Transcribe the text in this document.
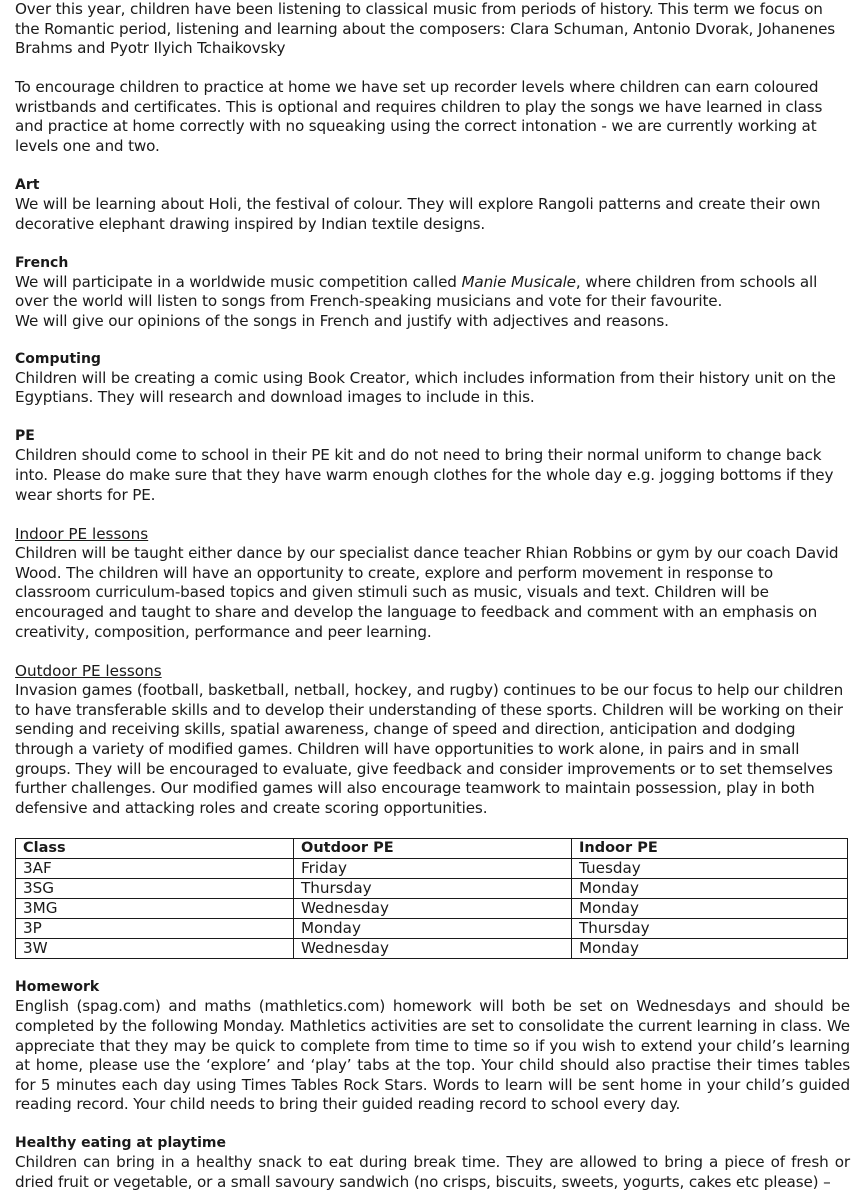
Over this year, children have been listening to classical music from periods of history. This term we focus on the Romantic period, listening and learning about the composers: Clara Schuman, Antonio Dvorak, Johanenes Brahms and Pyotr Ilyich Tchaikovsky

To encourage children to practice at home we have set up recorder levels where children can earn coloured wristbands and certificates. This is optional and requires children to play the songs we have learned in class and practice at home correctly with no squeaking using the correct intonation - we are currently working at levels one and two.

Art

We will be learning about Holi, the festival of colour. They will explore Rangoli patterns and create their own decorative elephant drawing inspired by Indian textile designs.

French

We will participate in a worldwide music competition called Manie Musicale, where children from schools all over the world will listen to songs from French-speaking musicians and vote for their favourite.

We will give our opinions of the songs in French and justify with adjectives and reasons.

Computing

Children will be creating a comic using Book Creator, which includes information from their history unit on the Egyptians. They will research and download images to include in this.

PE

Children should come to school in their PE kit and do not need to bring their normal uniform to change back into. Please do make sure that they have warm enough clothes for the whole day e.g. jogging bottoms if they wear shorts for PE.

Indoor PE lessons

Children will be taught either dance by our specialist dance teacher Rhian Robbins or gym by our coach David Wood. The children will have an opportunity to create, explore and perform movement in response to classroom curriculum-based topics and given stimuli such as music, visuals and text. Children will be encouraged and taught to share and develop the language to feedback and comment with an emphasis on creativity, composition, performance and peer learning.

Outdoor PE lessons

Invasion games (football, basketball, netball, hockey, and rugby) continues to be our focus to help our children to have transferable skills and to develop their understanding of these sports. Children will be working on their sending and receiving skills, spatial awareness, change of speed and direction, anticipation and dodging through a variety of modified games. Children will have opportunities to work alone, in pairs and in small groups. They will be encouraged to evaluate, give feedback and consider improvements or to set themselves further challenges. Our modified games will also encourage teamwork to maintain possession, play in both defensive and attacking roles and create scoring opportunities.

Class	Outdoor PE	Indoor PE
3AF	Friday	Tuesday
3SG	Thursday	Monday
3MG	Wednesday	Monday
3P	Monday	Thursday
3W	Wednesday	Monday

Homework

English (spag.com) and maths (mathletics.com) homework will both be set on Wednesdays and should be completed by the following Monday. Mathletics activities are set to consolidate the current learning in class. We appreciate that they may be quick to complete from time to time so if you wish to extend your child’s learning at home, please use the ‘explore’ and ‘play’ tabs at the top. Your child should also practise their times tables for 5 minutes each day using Times Tables Rock Stars. Words to learn will be sent home in your child’s guided reading record. Your child needs to bring their guided reading record to school every day.

Healthy eating at playtime

Children can bring in a healthy snack to eat during break time. They are allowed to bring a piece of fresh or dried fruit or vegetable, or a small savoury sandwich (no crisps, biscuits, sweets, yogurts, cakes etc please) –
